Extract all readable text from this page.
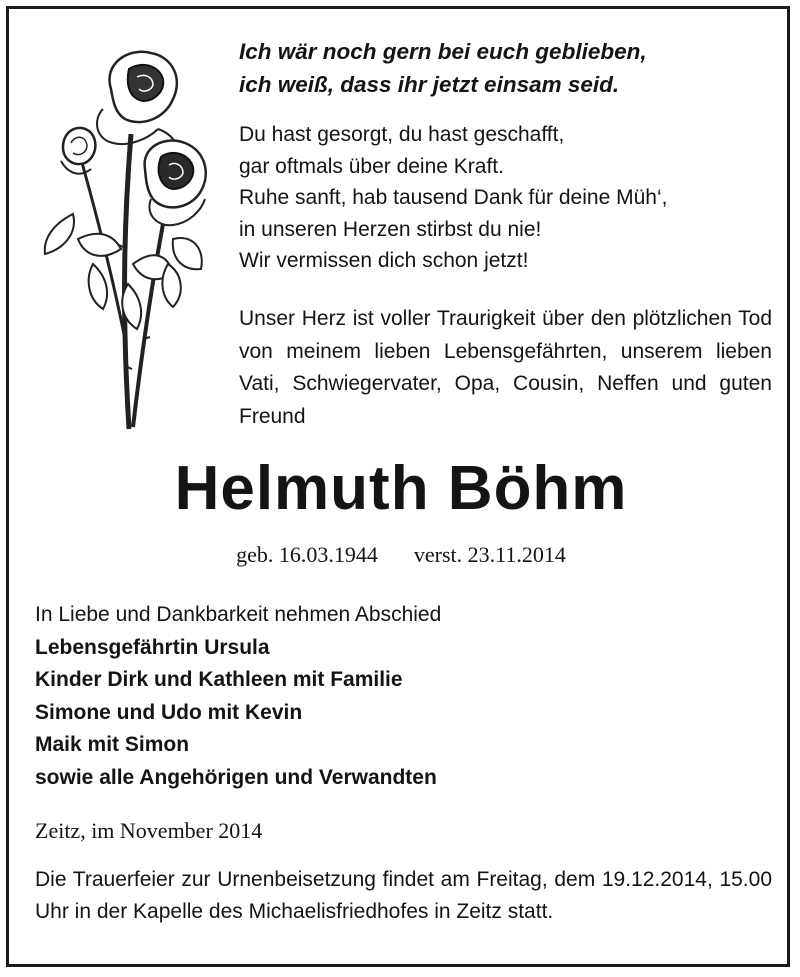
Ich wär noch gern bei euch geblieben,
ich weiß, dass ihr jetzt einsam seid.
Du hast gesorgt, du hast geschafft,
gar oftmals über deine Kraft.
Ruhe sanft, hab tausend Dank für deine Müh‘,
in unseren Herzen stirbst du nie!
Wir vermissen dich schon jetzt!
Unser Herz ist voller Traurigkeit über den plötzlichen Tod von meinem lieben Lebensgefährten, unserem lieben Vati, Schwiegervater, Opa, Cousin, Neffen und guten Freund
Helmuth Böhm
geb. 16.03.1944 verst. 23.11.2014
In Liebe und Dankbarkeit nehmen Abschied
Lebensgefährtin Ursula
Kinder Dirk und Kathleen mit Familie
Simone und Udo mit Kevin
Maik mit Simon
sowie alle Angehörigen und Verwandten
Zeitz, im November 2014
Die Trauerfeier zur Urnenbeisetzung findet am Freitag, dem 19.12.2014, 15.00 Uhr in der Kapelle des Michaelisfriedhofes in Zeitz statt.
